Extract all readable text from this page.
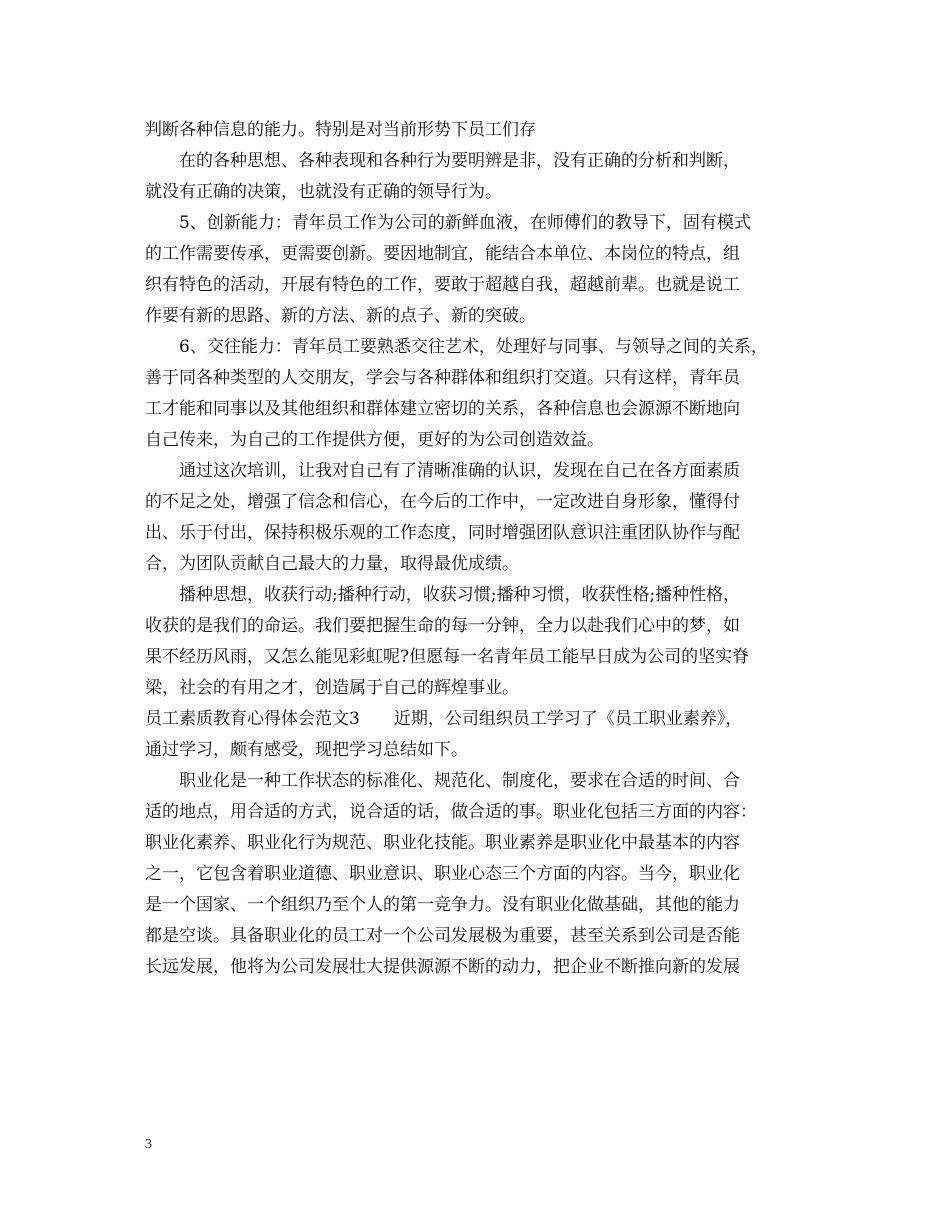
判断各种信息的能力。特别是对当前形势下员工们存
在的各种思想、各种表现和各种行为要明辨是非，没有正确的分析和判断，
就没有正确的决策，也就没有正确的领导行为。
5、创新能力：青年员工作为公司的新鲜血液，在师傅们的教导下，固有模式
的工作需要传承，更需要创新。要因地制宜，能结合本单位、本岗位的特点，组
织有特色的活动，开展有特色的工作，要敢于超越自我，超越前辈。也就是说工
作要有新的思路、新的方法、新的点子、新的突破。
6、交往能力：青年员工要熟悉交往艺术，处理好与同事、与领导之间的关系，
善于同各种类型的人交朋友，学会与各种群体和组织打交道。只有这样，青年员
工才能和同事以及其他组织和群体建立密切的关系，各种信息也会源源不断地向
自己传来，为自己的工作提供方便，更好的为公司创造效益。
通过这次培训，让我对自己有了清晰准确的认识，发现在自己在各方面素质
的不足之处，增强了信念和信心，在今后的工作中，一定改进自身形象，懂得付
出、乐于付出，保持积极乐观的工作态度，同时增强团队意识注重团队协作与配
合，为团队贡献自己最大的力量，取得最优成绩。
播种思想，收获行动;播种行动，收获习惯;播种习惯，收获性格;播种性格，
收获的是我们的命运。我们要把握生命的每一分钟，全力以赴我们心中的梦，如
果不经历风雨，又怎么能见彩虹呢?但愿每一名青年员工能早日成为公司的坚实脊
梁，社会的有用之才，创造属于自己的辉煌事业。
员工素质教育心得体会范文3 近期，公司组织员工学习了《员工职业素养》，
通过学习，颇有感受，现把学习总结如下。
职业化是一种工作状态的标准化、规范化、制度化，要求在合适的时间、合
适的地点，用合适的方式，说合适的话，做合适的事。职业化包括三方面的内容：
职业化素养、职业化行为规范、职业化技能。职业素养是职业化中最基本的内容
之一，它包含着职业道德、职业意识、职业心态三个方面的内容。当今，职业化
是一个国家、一个组织乃至个人的第一竞争力。没有职业化做基础，其他的能力
都是空谈。具备职业化的员工对一个公司发展极为重要，甚至关系到公司是否能
长远发展，他将为公司发展壮大提供源源不断的动力，把企业不断推向新的发展
3
